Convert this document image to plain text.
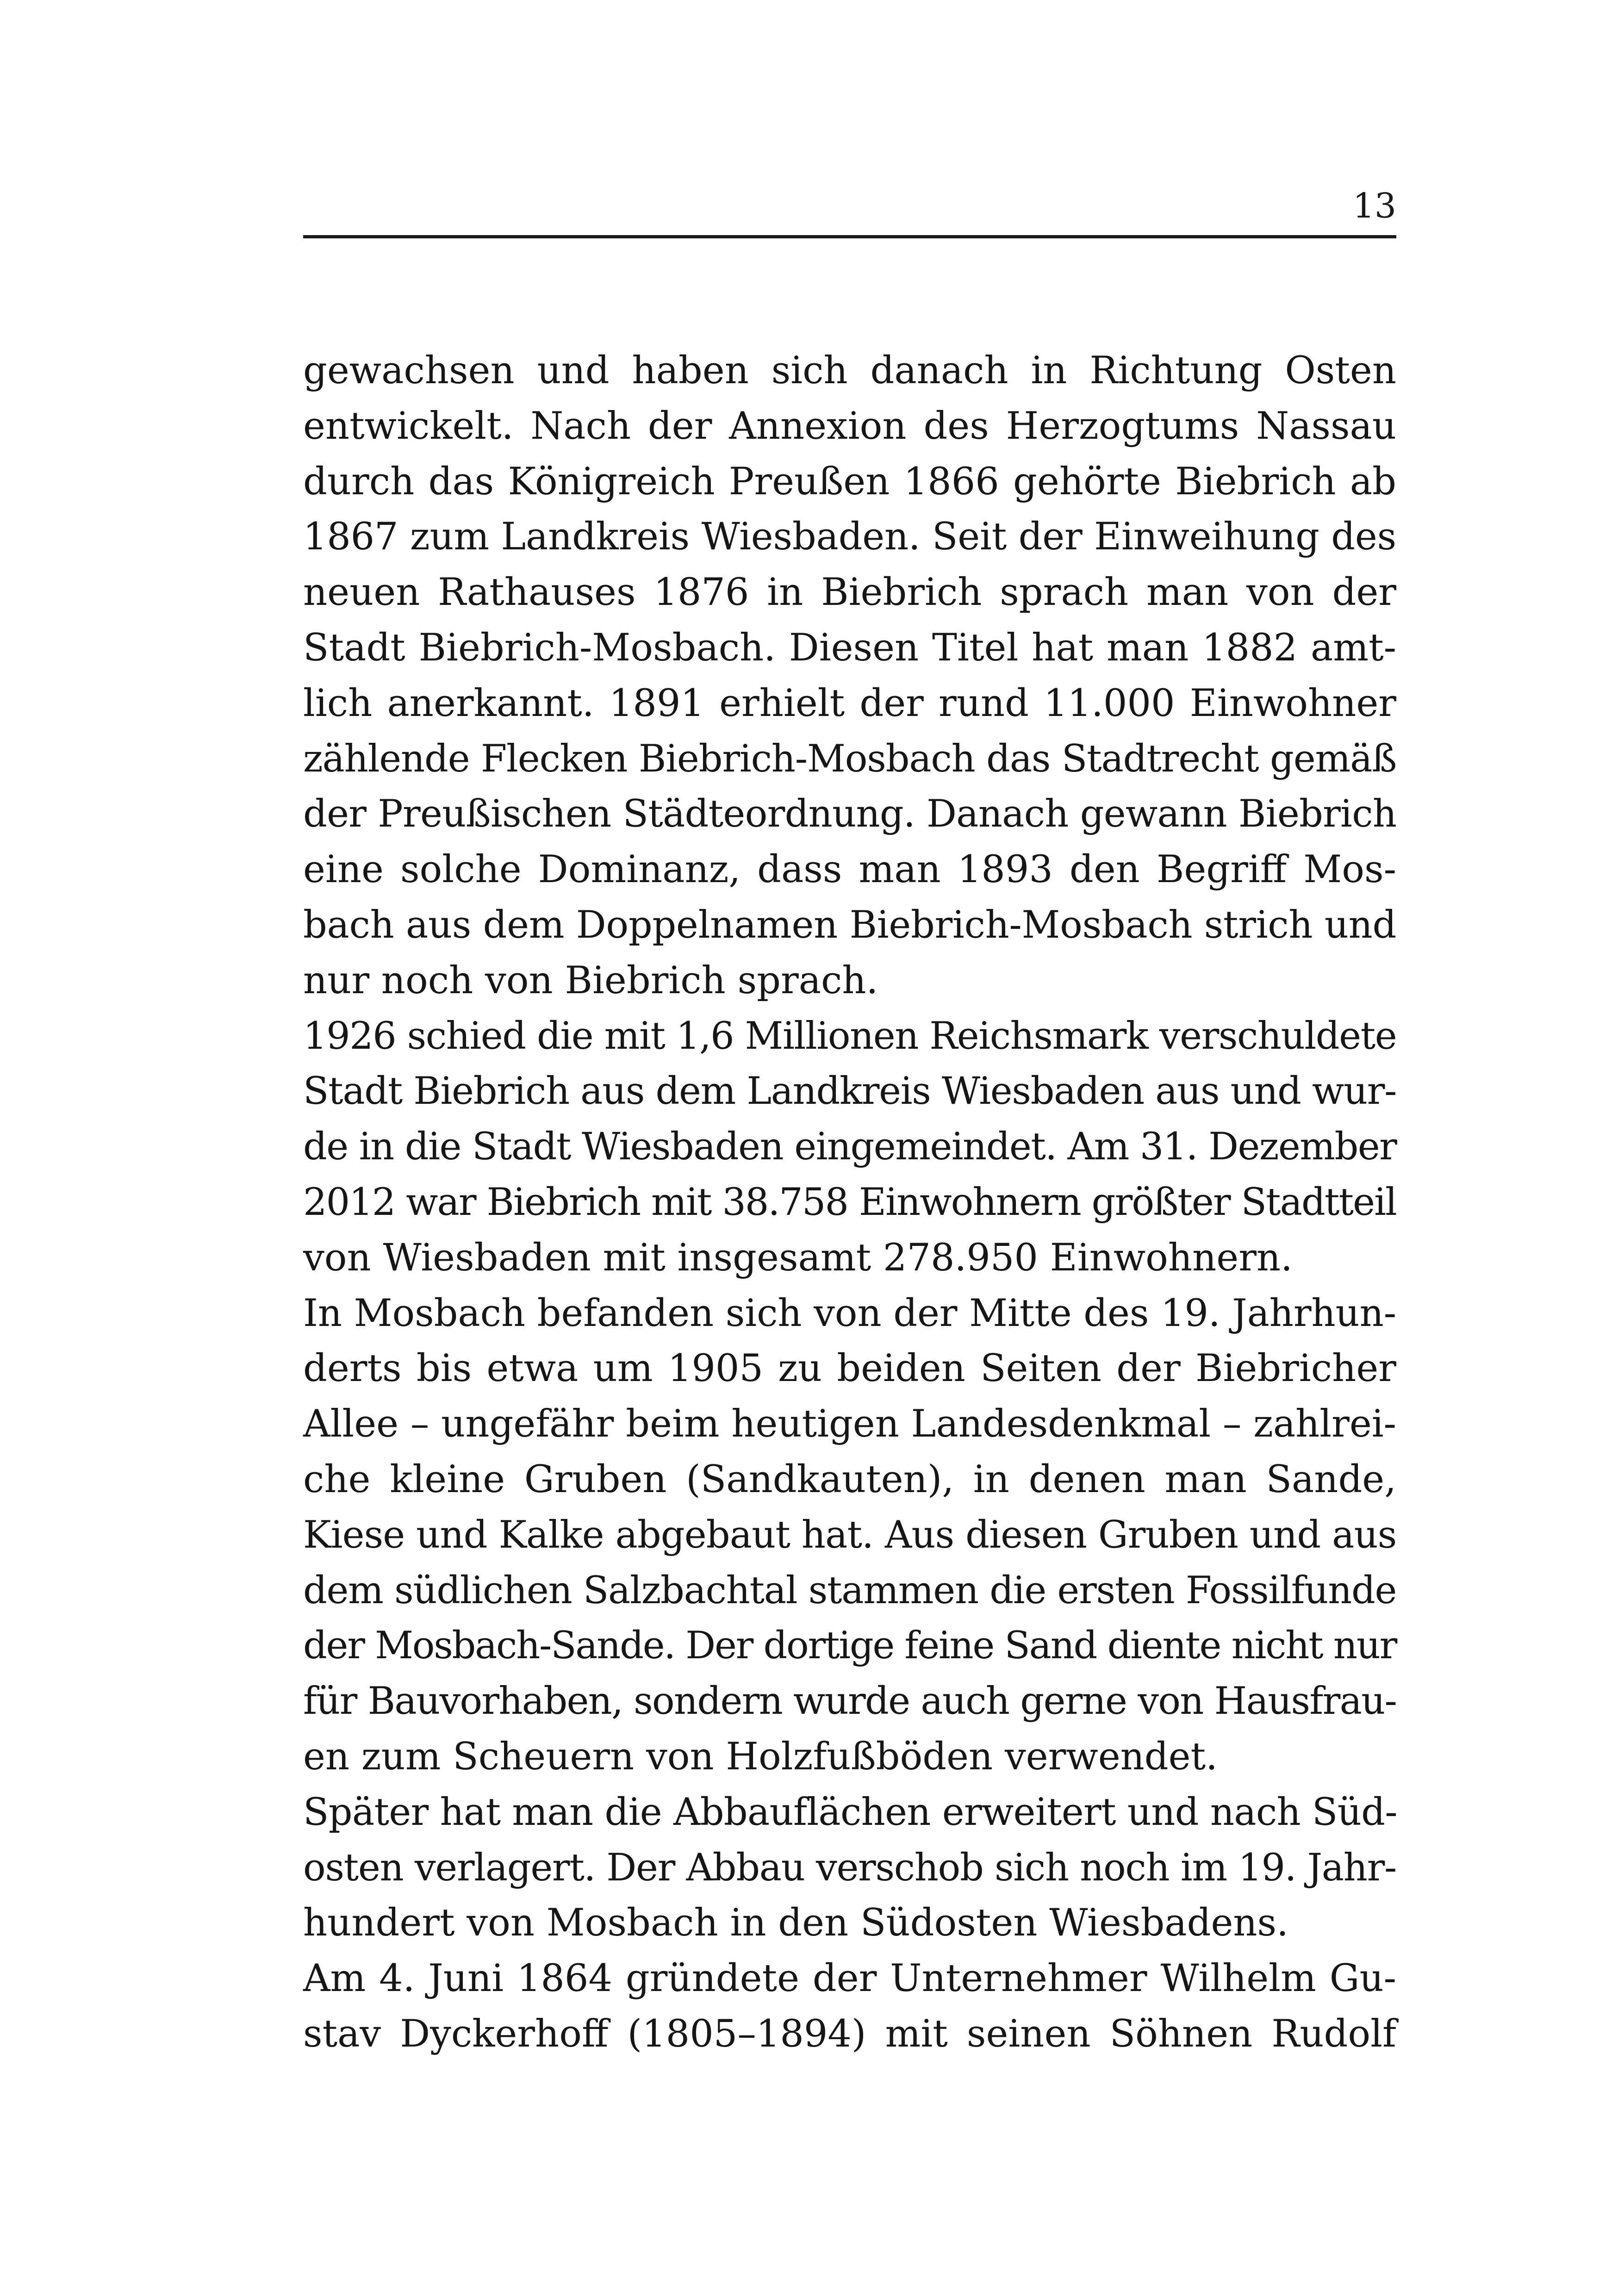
13
gewachsen und haben sich danach in Richtung Osten
entwickelt. Nach der Annexion des Herzogtums Nassau
durch das Königreich Preußen 1866 gehörte Biebrich ab
1867 zum Landkreis Wiesbaden. Seit der Einweihung des
neuen Rathauses 1876 in Biebrich sprach man von der
Stadt Biebrich-Mosbach. Diesen Titel hat man 1882 amt-
lich anerkannt. 1891 erhielt der rund 11.000 Einwohner
zählende Flecken Biebrich-Mosbach das Stadtrecht gemäß
der Preußischen Städteordnung. Danach gewann Biebrich
eine solche Dominanz, dass man 1893 den Begriff Mos-
bach aus dem Doppelnamen Biebrich-Mosbach strich und
nur noch von Biebrich sprach.
1926 schied die mit 1,6 Millionen Reichsmark verschuldete
Stadt Biebrich aus dem Landkreis Wiesbaden aus und wur-
de in die Stadt Wiesbaden eingemeindet. Am 31. Dezember
2012 war Biebrich mit 38.758 Einwohnern größter Stadtteil
von Wiesbaden mit insgesamt 278.950 Einwohnern.
In Mosbach befanden sich von der Mitte des 19. Jahrhun-
derts bis etwa um 1905 zu beiden Seiten der Biebricher
Allee – ungefähr beim heutigen Landesdenkmal – zahlrei-
che kleine Gruben (Sandkauten), in denen man Sande,
Kiese und Kalke abgebaut hat. Aus diesen Gruben und aus
dem südlichen Salzbachtal stammen die ersten Fossilfunde
der Mosbach-Sande. Der dortige feine Sand diente nicht nur
für Bauvorhaben, sondern wurde auch gerne von Hausfrau-
en zum Scheuern von Holzfußböden verwendet.
Später hat man die Abbauflächen erweitert und nach Süd-
osten verlagert. Der Abbau verschob sich noch im 19. Jahr-
hundert von Mosbach in den Südosten Wiesbadens.
Am 4. Juni 1864 gründete der Unternehmer Wilhelm Gu-
stav Dyckerhoff (1805–1894) mit seinen Söhnen Rudolf
